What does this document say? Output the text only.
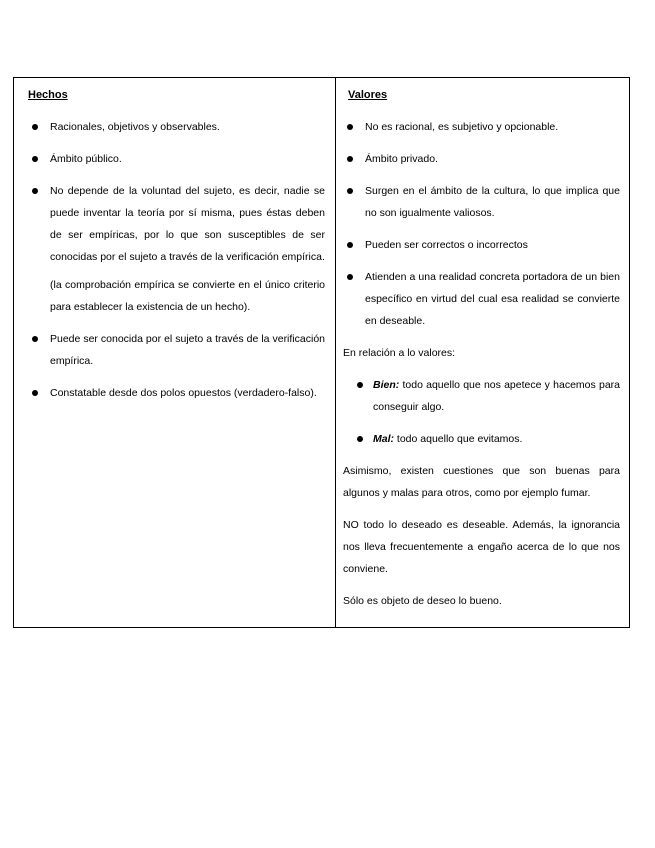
Hechos

Racionales, objetivos y observables.
Ámbito público.
No depende de la voluntad del sujeto, es decir, nadie se puede inventar la teoría por sí misma, pues éstas deben de ser empíricas, por lo que son susceptibles de ser conocidas por el sujeto a través de la verificación empírica.

(la comprobación empírica se convierte en el único criterio para establecer la existencia de un hecho).

Puede ser conocida por el sujeto a través de la verificación empírica.
Constatable desde dos polos opuestos (verdadero-falso).

Valores

No es racional, es subjetivo y opcionable.
Ámbito privado.
Surgen en el ámbito de la cultura, lo que implica que no son igualmente valiosos.
Pueden ser correctos o incorrectos
Atienden a una realidad concreta portadora de un bien específico en virtud del cual esa realidad se convierte en deseable.

En relación a lo valores:

Bien: todo aquello que nos apetece y hacemos para conseguir algo.
Mal: todo aquello que evitamos.

Asimismo, existen cuestiones que son buenas para algunos y malas para otros, como por ejemplo fumar.

NO todo lo deseado es deseable. Además, la ignorancia nos lleva frecuentemente a engaño acerca de lo que nos conviene.

Sólo es objeto de deseo lo bueno.
